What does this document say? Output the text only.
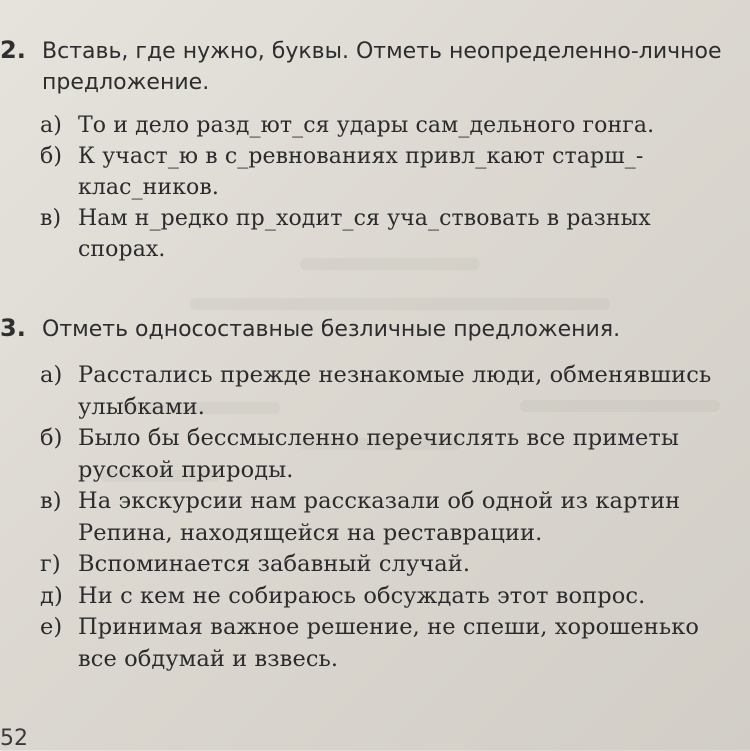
2. Вставь, где нужно, буквы. Отметь неопределенно-личное предложение.
а) То и дело разд_ют_ся удары сам_дельного гонга.
б) К участ_ю в с_ревнованиях привл_кают старш_-клас_ников.
в) Нам н_редко пр_ходит_ся уча_ствовать в разных спорах.
3. Отметь односоставные безличные предложения.
а) Расстались прежде незнакомые люди, обменявшись улыбками.
б) Было бы бессмысленно перечислять все приметы русской природы.
в) На экскурсии нам рассказали об одной из картин Репина, находящейся на реставрации.
г) Вспоминается забавный случай.
д) Ни с кем не собираюсь обсуждать этот вопрос.
е) Принимая важное решение, не спеши, хорошенько все обдумай и взвесь.
52
